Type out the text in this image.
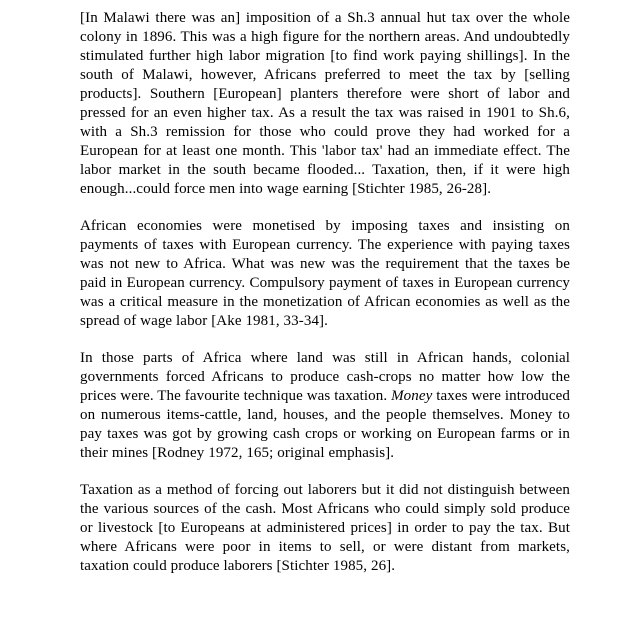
[In Malawi there was an] imposition of a Sh.3 annual hut tax over the whole colony in 1896. This was a high figure for the northern areas. And undoubtedly stimulated further high labor migration [to find work paying shillings]. In the south of Malawi, however, Africans preferred to meet the tax by [selling products]. Southern [European] planters therefore were short of labor and pressed for an even higher tax. As a result the tax was raised in 1901 to Sh.6, with a Sh.3 remission for those who could prove they had worked for a European for at least one month. This 'labor tax' had an immediate effect. The labor market in the south became flooded... Taxation, then, if it were high enough...could force men into wage earning [Stichter 1985, 26-28].

African economies were monetised by imposing taxes and insisting on payments of taxes with European currency. The experience with paying taxes was not new to Africa. What was new was the requirement that the taxes be paid in European currency. Compulsory payment of taxes in European currency was a critical measure in the monetization of African economies as well as the spread of wage labor [Ake 1981, 33-34].

In those parts of Africa where land was still in African hands, colonial governments forced Africans to produce cash-crops no matter how low the prices were. The favourite technique was taxation. Money taxes were introduced on numerous items-cattle, land, houses, and the people themselves. Money to pay taxes was got by growing cash crops or working on European farms or in their mines [Rodney 1972, 165; original emphasis].

Taxation as a method of forcing out laborers but it did not distinguish between the various sources of the cash. Most Africans who could simply sold produce or livestock [to Europeans at administered prices] in order to pay the tax. But where Africans were poor in items to sell, or were distant from markets, taxation could produce laborers [Stichter 1985, 26].
